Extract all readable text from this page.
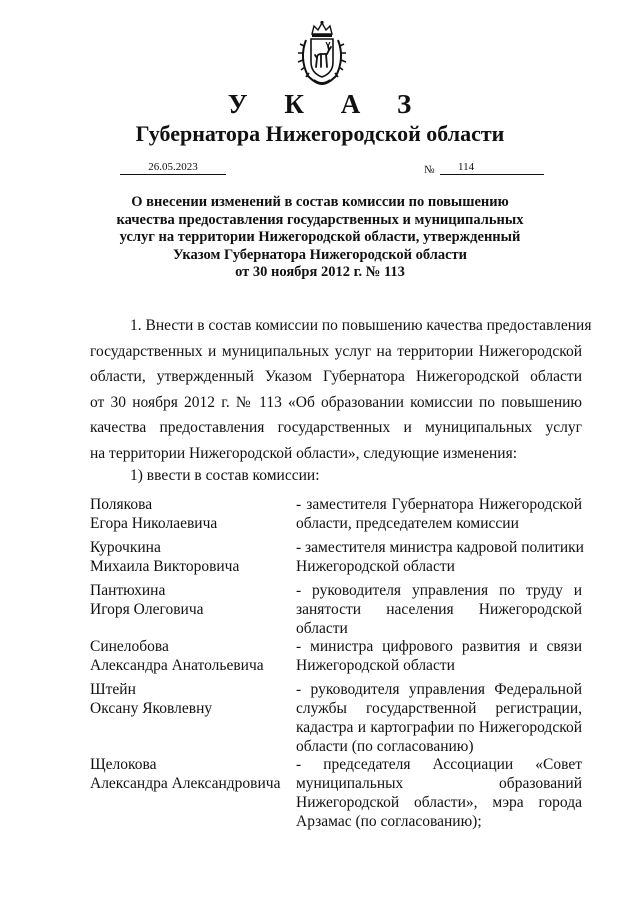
У К А З
Губернатора Нижегородской области
26.05.2023	№	114
О внесении изменений в состав комиссии по повышению
качества предоставления государственных и муниципальных
услуг на территории Нижегородской области, утвержденный
Указом Губернатора Нижегородской области
от 30 ноября 2012 г. № 113
1. Внести в состав комиссии по повышению качества предоставления
государственных и муниципальных услуг на территории Нижегородской
области, утвержденный Указом Губернатора Нижегородской области
от 30 ноября 2012 г. № 113 «Об образовании комиссии по повышению
качества предоставления государственных и муниципальных услуг
на территории Нижегородской области», следующие изменения:
1) ввести в состав комиссии:
Полякова
Егора Николаевича
- заместителя Губернатора Нижегородской
области, председателем комиссии
Курочкина
Михаила Викторовича
- заместителя министра кадровой политики
Нижегородской области
Пантюхина
Игоря Олеговича
- руководителя управления по труду и
занятости населения Нижегородской
области
Синелобова
Александра Анатольевича
- министра цифрового развития и связи
Нижегородской области
Штейн
Оксану Яковлевну
- руководителя управления Федеральной
службы государственной регистрации,
кадастра и картографии по Нижегородской
области (по согласованию)
Щелокова
Александра Александровича
- председателя Ассоциации «Совет
муниципальных образований
Нижегородской области», мэра города
Арзамас (по согласованию);
